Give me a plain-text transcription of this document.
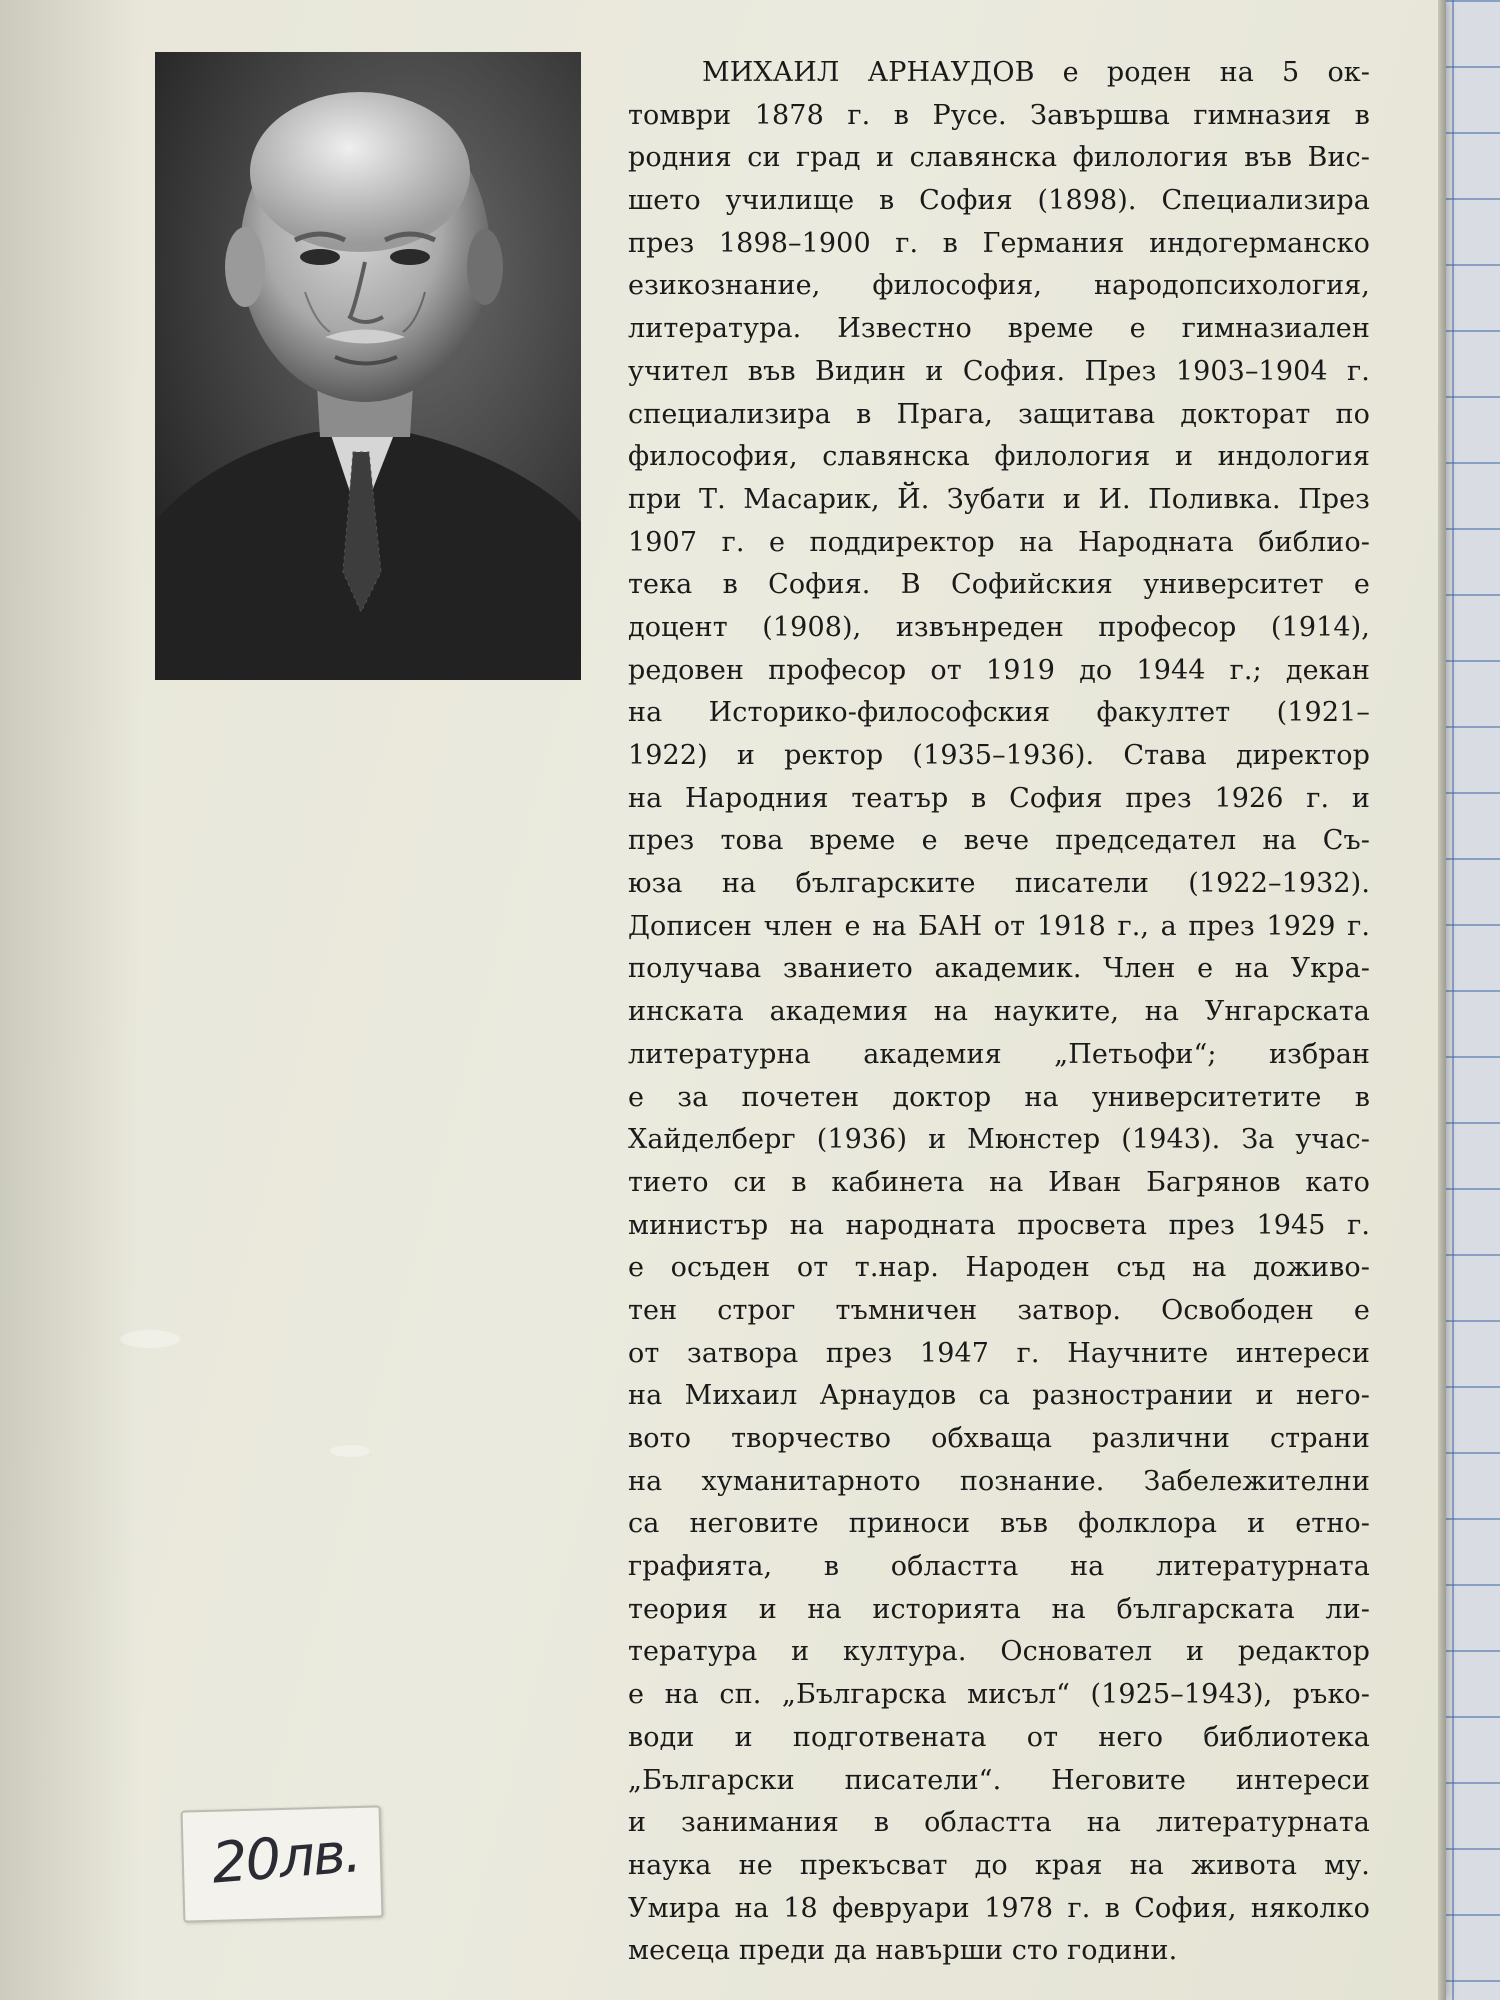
МИХАИЛ АРНАУДОВ е роден на 5 ок-
томври 1878 г. в Русе. Завършва гимназия в
родния си град и славянска филология във Вис-
шето училище в София (1898). Специализира
през 1898–1900 г. в Германия индогерманско
езикознание, философия, народопсихология,
литература. Известно време е гимназиален
учител във Видин и София. През 1903–1904 г.
специализира в Прага, защитава докторат по
философия, славянска филология и индология
при Т. Масарик, Й. Зубати и И. Поливка. През
1907 г. е поддиректор на Народната библио-
тека в София. В Софийския университет е
доцент (1908), извънреден професор (1914),
редовен професор от 1919 до 1944 г.; декан
на Историко-философския факултет (1921–
1922) и ректор (1935–1936). Става директор
на Народния театър в София през 1926 г. и
през това време е вече председател на Съ-
юза на българските писатели (1922–1932).
Дописен член е на БАН от 1918 г., а през 1929 г.
получава званието академик. Член е на Укра-
инската академия на науките, на Унгарската
литературна академия „Петьофи“; избран
е за почетен доктор на университетите в
Хайделберг (1936) и Мюнстер (1943). За учас-
тието си в кабинета на Иван Багрянов като
министър на народната просвета през 1945 г.
е осъден от т.нар. Народен съд на доживо-
тен строг тъмничен затвор. Освободен е
от затвора през 1947 г. Научните интереси
на Михаил Арнаудов са разнострании и него-
вото творчество обхваща различни страни
на хуманитарното познание. Забележителни
са неговите приноси във фолклора и етно-
графията, в областта на литературната
теория и на историята на българската ли-
тература и култура. Основател и редактор
е на сп. „Българска мисъл“ (1925–1943), ръко-
води и подготвената от него библиотека
„Български писатели“. Неговите интереси
и занимания в областта на литературната
наука не прекъсват до края на живота му.
Умира на 18 февруари 1978 г. в София, няколко
месеца преди да навърши сто години.
20лв.
